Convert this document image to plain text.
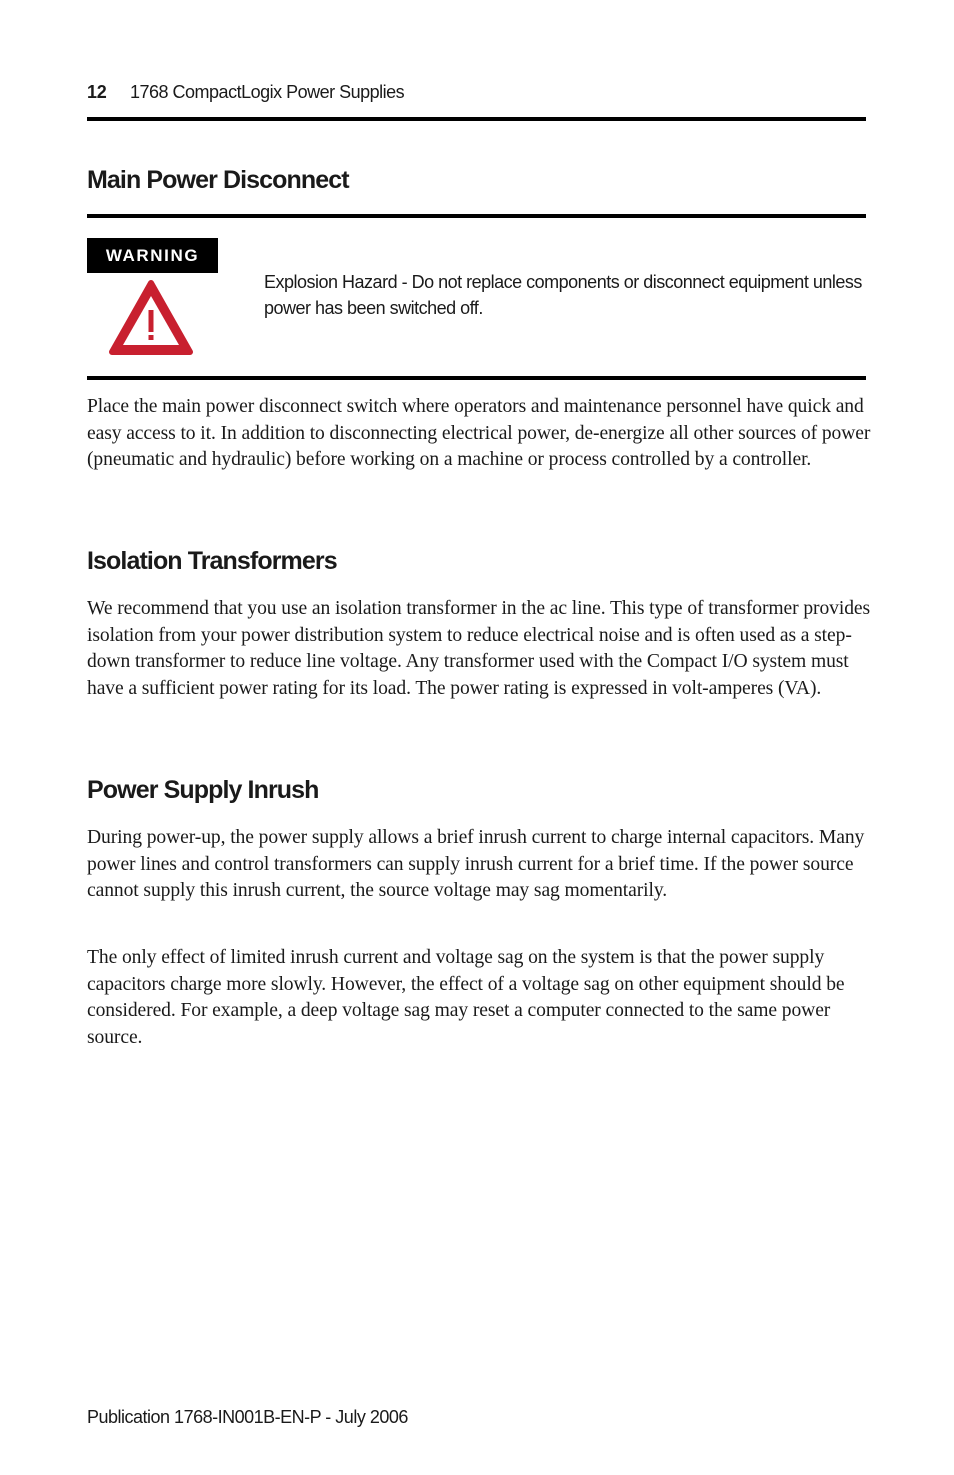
12 1768 CompactLogix Power Supplies
Main Power Disconnect
WARNING

Explosion Hazard - Do not replace components or disconnect equipment unless power has been switched off.

Place the main power disconnect switch where operators and maintenance personnel have quick and easy access to it. In addition to disconnecting electrical power, de-energize all other sources of power (pneumatic and hydraulic) before working on a machine or process controlled by a controller.

Isolation Transformers

We recommend that you use an isolation transformer in the ac line. This type of transformer provides isolation from your power distribution system to reduce electrical noise and is often used as a step-down transformer to reduce line voltage. Any transformer used with the Compact I/O system must have a sufficient power rating for its load. The power rating is expressed in volt-amperes (VA).

Power Supply Inrush

During power-up, the power supply allows a brief inrush current to charge internal capacitors. Many power lines and control transformers can supply inrush current for a brief time. If the power source cannot supply this inrush current, the source voltage may sag momentarily.

The only effect of limited inrush current and voltage sag on the system is that the power supply capacitors charge more slowly. However, the effect of a voltage sag on other equipment should be considered. For example, a deep voltage sag may reset a computer connected to the same power source.

Publication 1768-IN001B-EN-P - July 2006
